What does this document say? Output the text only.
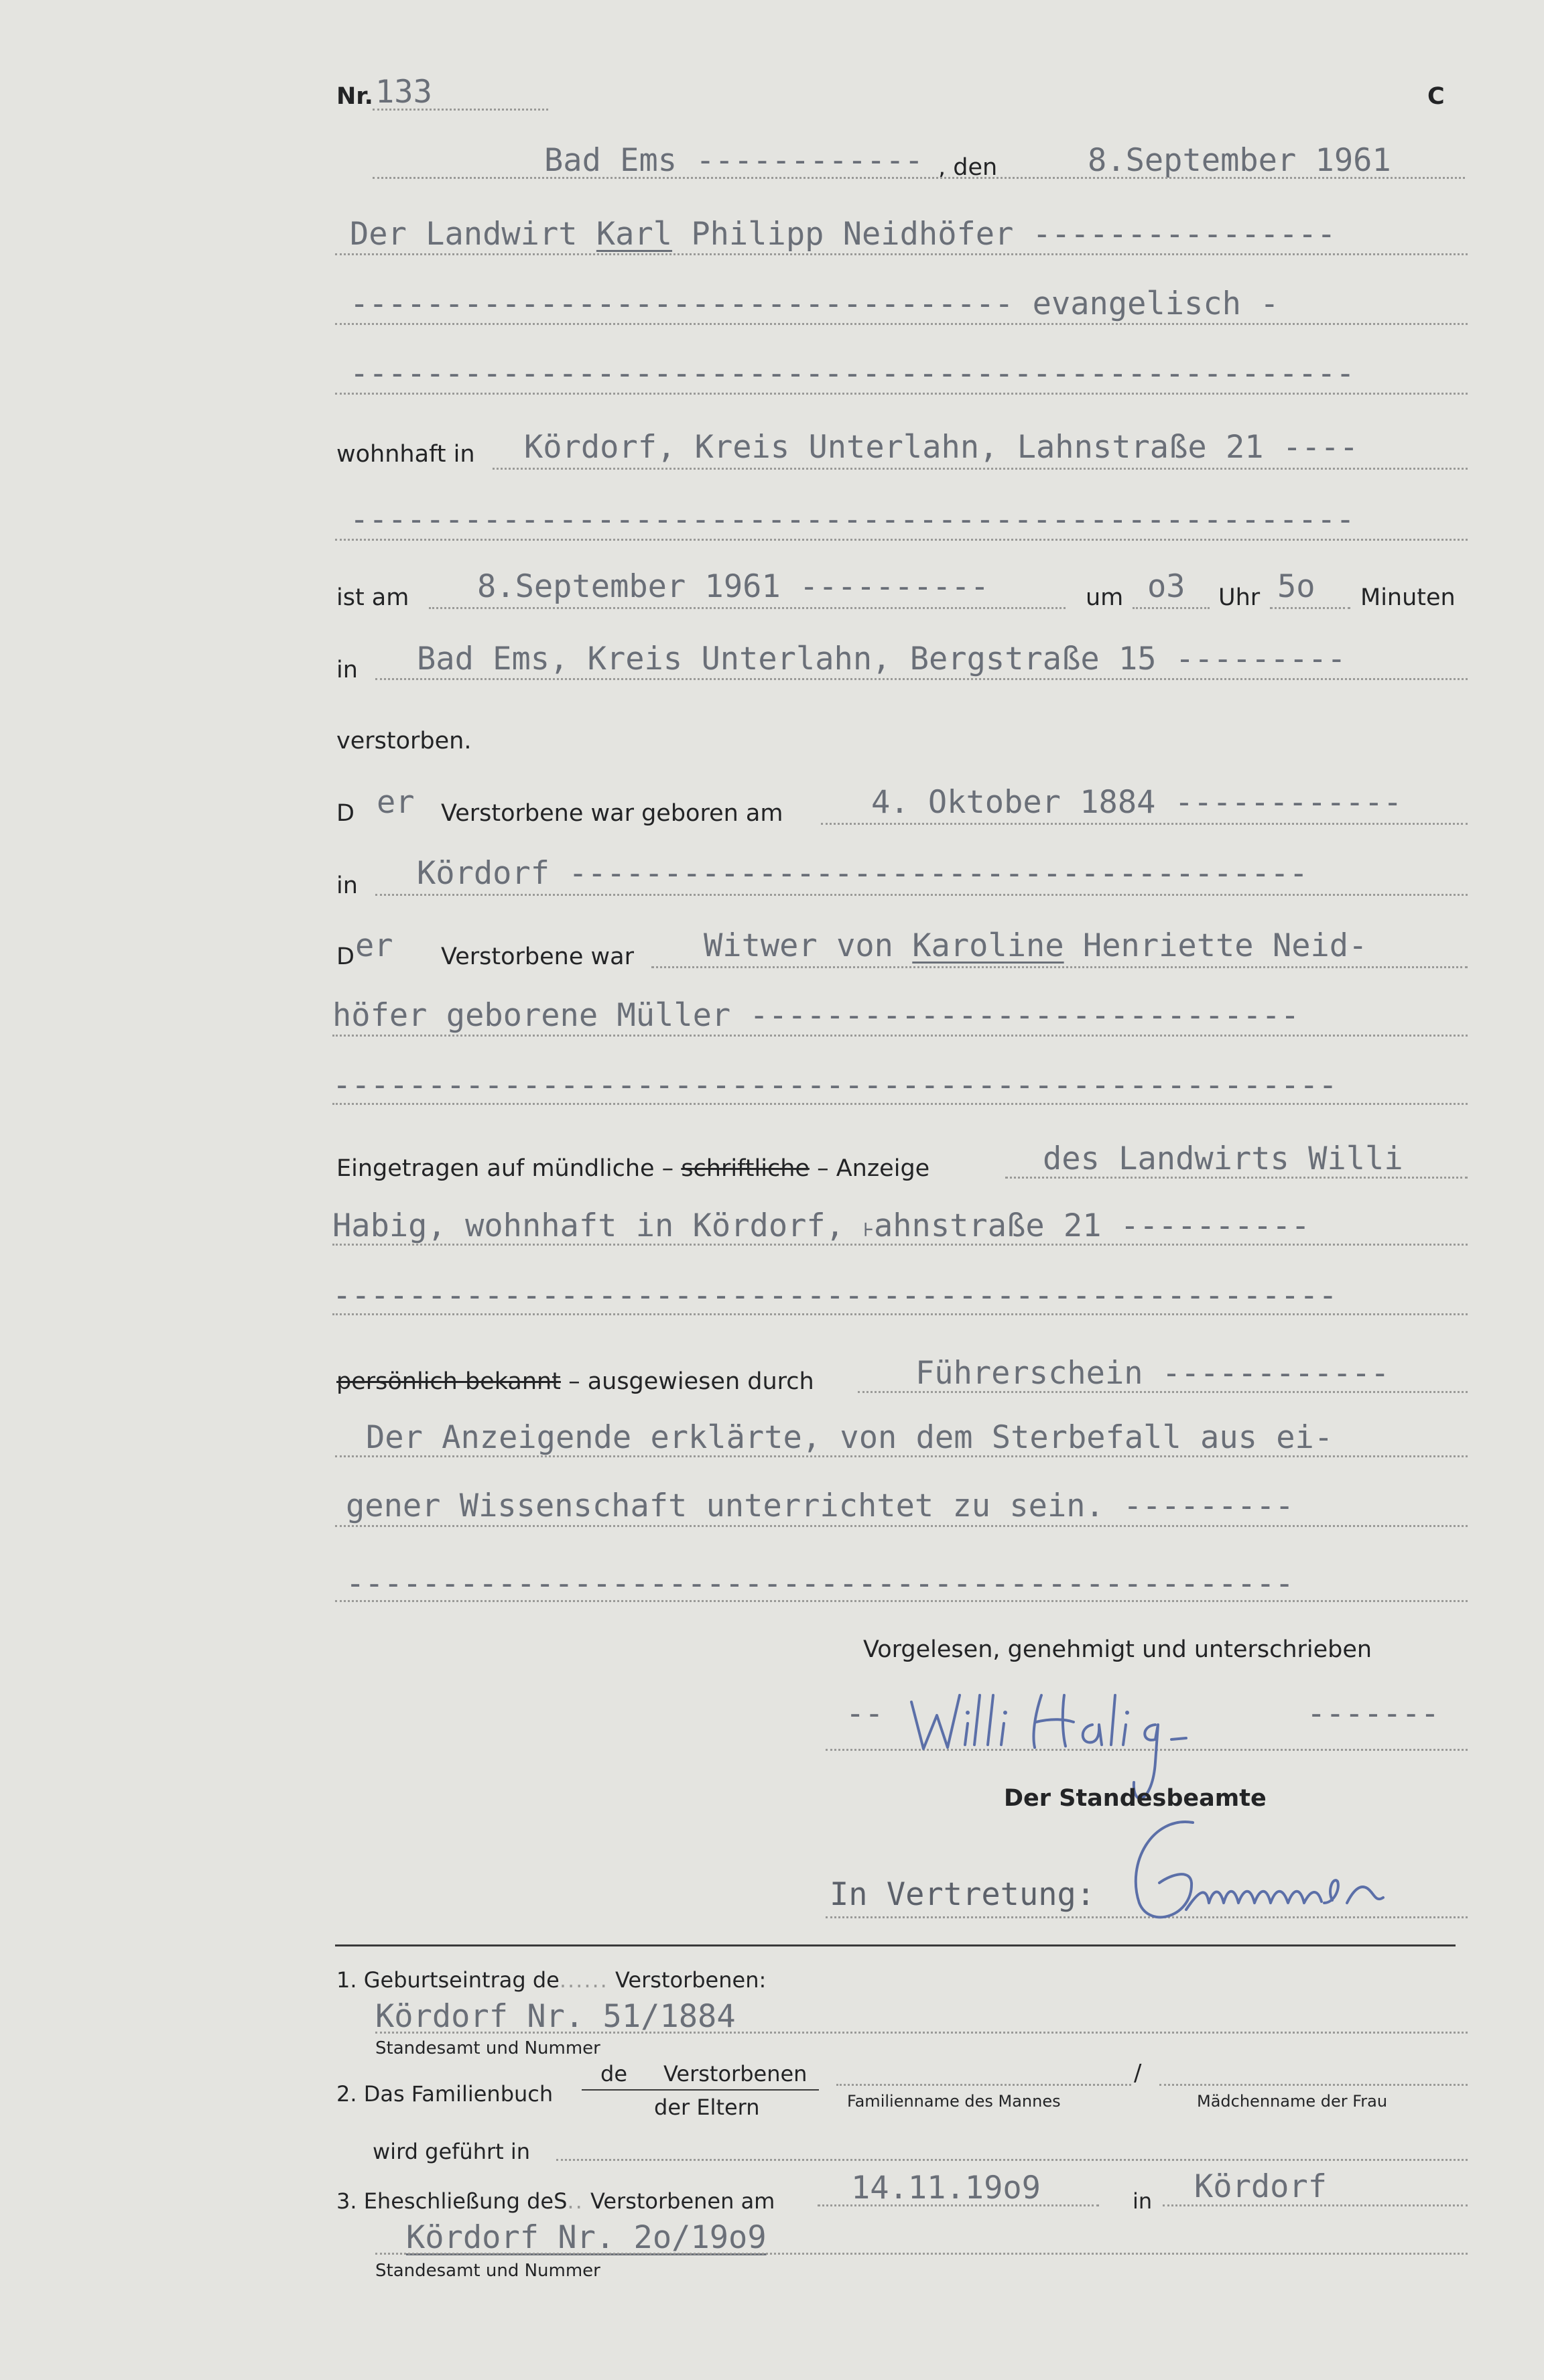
Nr. 133	C
Bad Ems ------------ , den	8.September 1961
Der Landwirt Karl Philipp Neidhöfer ----------------
----------------------------------- evangelisch -
-----------------------------------------------------
wohnhaft in Kördorf, Kreis Unterlahn, Lahnstraße 21 ----
-----------------------------------------------------
ist am 8.September 1961 ----------	um o3 Uhr 5o Minuten
in Bad Ems, Kreis Unterlahn, Bergstraße 15 ---------
verstorben.
D er Verstorbene war geboren am	4. Oktober 1884 ------------
in Kördorf ---------------------------------------
D er Verstorbene war Witwer von Karoline Henriette Neid-
höfer geborene Müller -----------------------------
-----------------------------------------------------
Eingetragen auf mündliche – schriftliche – Anzeige	des Landwirts Willi
Habig, wohnhaft in Kördorf, ˫ahnstraße 21 ----------
-----------------------------------------------------
persönlich bekannt – ausgewiesen durch	Führerschein ------------
Der Anzeigende erklärte, von dem Sterbefall aus ei-
gener Wissenschaft unterrichtet zu sein. ---------
--------------------------------------------------
Vorgelesen, genehmigt und unterschrieben
--	-------
Der Standesbeamte
In Vertretung:
1. Geburtseintrag de...... Verstorbenen:
Kördorf Nr. 51/1884
Standesamt und Nummer
2. Das Familienbuch
de Verstorbenen
der Eltern
/
Familienname des Mannes	Mädchenname der Frau
wird geführt in
3. Eheschließung deS.. Verstorbenen am 14.11.19o9	in Kördorf
Kördorf Nr. 2o/19o9
Standesamt und Nummer
